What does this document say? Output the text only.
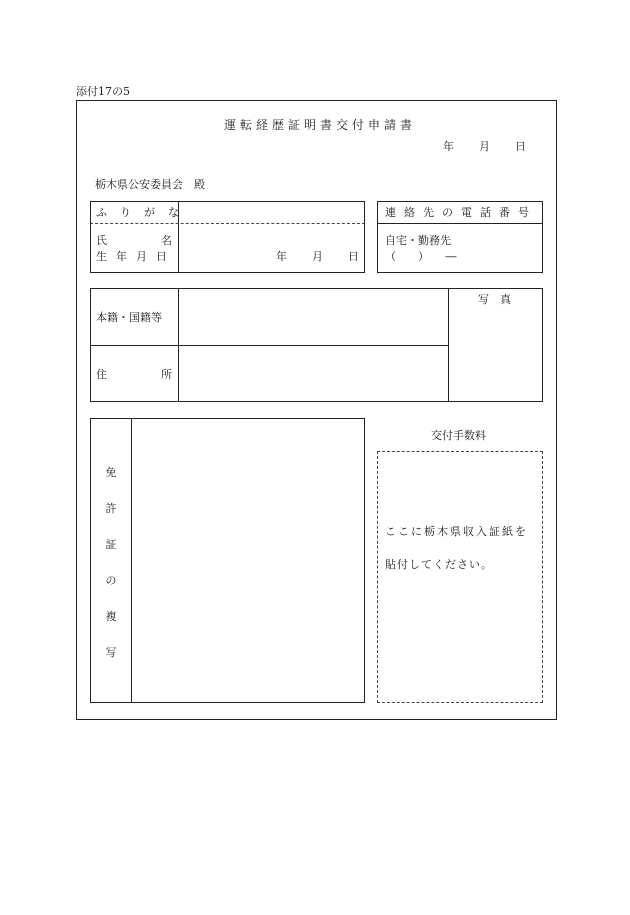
添付17の5
運転経歴証明書交付申請書
年 月 日
栃木県公安委員会　殿
ふりがな
氏	名
生年月日	年 月 日
連絡先の電話番号
自宅・勤務先
（　　）　　―
本籍・国籍等
住	所
写　真
免
許
証
の
複
写
交付手数料
ここに栃木県収入証紙を
貼付してください。
